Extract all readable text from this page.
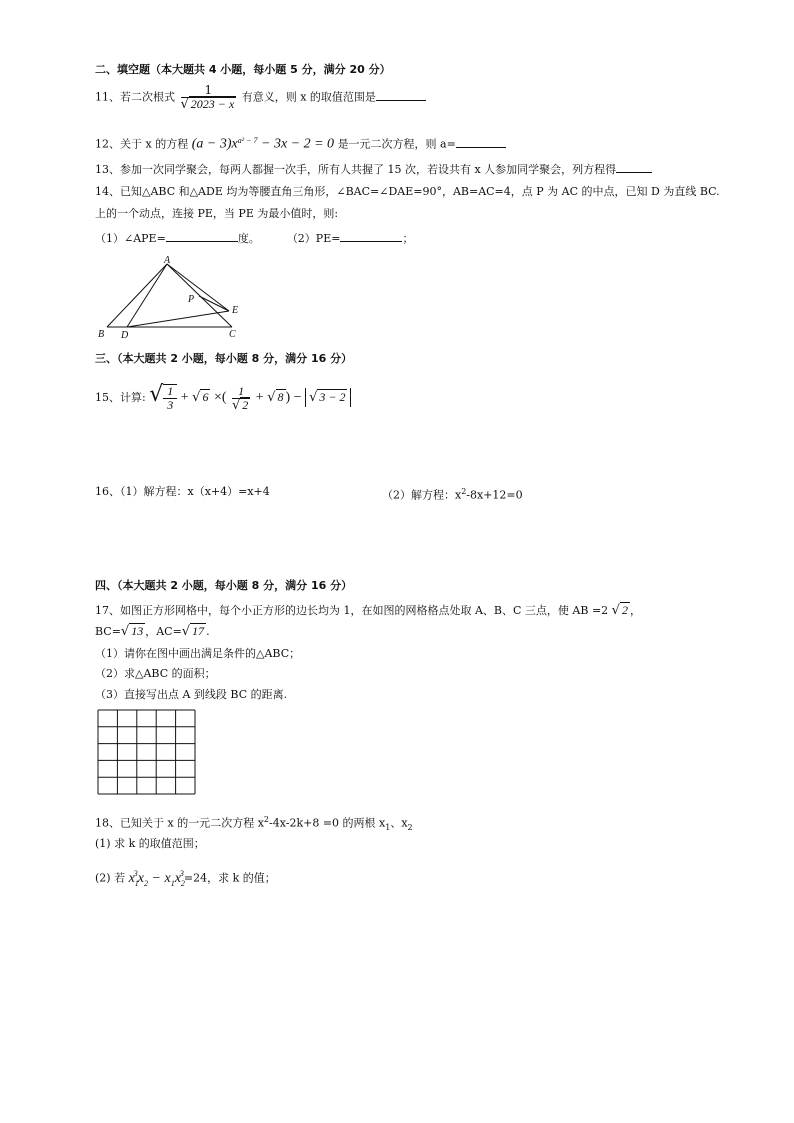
二、填空题（本大题共 4 小题，每小题 5 分，满分 20 分）
11、若二次根式 $\frac{1}{√ 2023 - x}$ 有意义，则 x 的取值范围是
12、关于 x 的方程 $(a - 3)x^{a^2 - 7} - 3x - 2 = 0$ 是一元二次方程，则 a=
13、参加一次同学聚会，每两人都握一次手，所有人共握了 15 次，若设共有 x 人参加同学聚会，列方程得
14、已知△ABC 和△ADE 均为等腰直角三角形，∠BAC=∠DAE=90°，AB=AC=4，点 P 为 AC 的中点，已知 D 为直线 BC.
上的一个动点，连接 PE，当 PE 为最小值时，则:
（1）∠APE=	度。 （2）PE=	；
A
B	C
D
E
P
三、（本大题共 2 小题，每小题 8 分，满分 16 分）
15、计算: √ $\frac{1}{3}$ + √ 6 ×( $\frac{1}{√ 2}$ + √ 8 ) − √ 3 − 2
16、（1）解方程：x（x+4）=x+4	（2）解方程：$x^2-8x+12=0$
四、（本大题共 2 小题，每小题 8 分，满分 16 分）
17、如图正方形网格中，每个小正方形的边长均为 1，在如图的网格格点处取 A、B、C 三点，使 AB =2 √ 2 ，
BC=√ 13 ，AC=√ 17 .
（1）请你在图中画出满足条件的△ABC；
（2）求△ABC 的面积；
（3）直接写出点 A 到线段 BC 的距离.
18、已知关于 x 的一元二次方程 $x^2-4x-2k+8 =0$ 的两根 $x_1$、$x_2$
(1) 求 k 的取值范围；
(2) 若 $x_1^3x_2 - x_1x_2^3=24$，求 k 的值；
